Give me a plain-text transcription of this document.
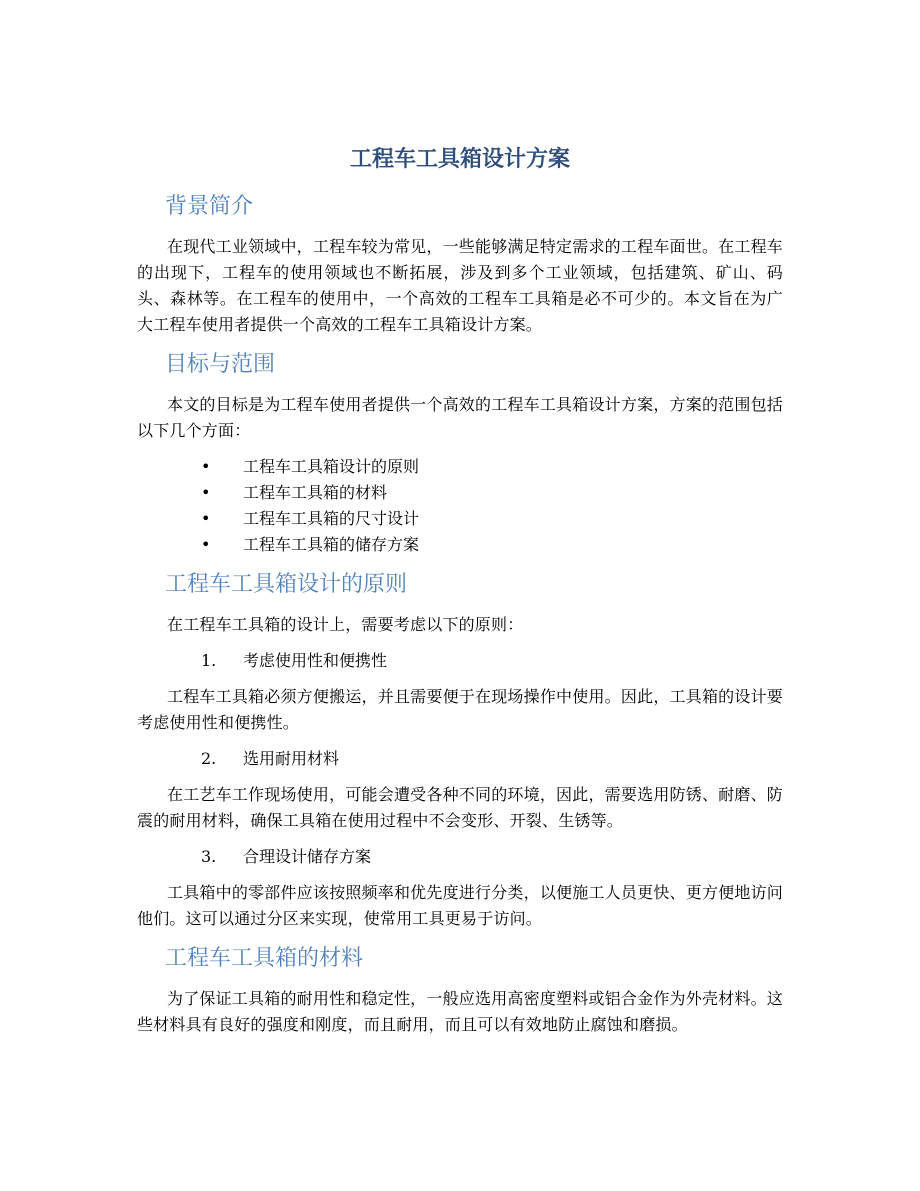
工程车工具箱设计方案
背景简介

在现代工业领域中，工程车较为常见，一些能够满足特定需求的工程车面世。在工程车的出现下，工程车的使用领域也不断拓展，涉及到多个工业领域，包括建筑、矿山、码头、森林等。在工程车的使用中，一个高效的工程车工具箱是必不可少的。本文旨在为广大工程车使用者提供一个高效的工程车工具箱设计方案。

目标与范围

本文的目标是为工程车使用者提供一个高效的工程车工具箱设计方案，方案的范围包括以下几个方面：

• 工程车工具箱设计的原则
• 工程车工具箱的材料
• 工程车工具箱的尺寸设计
• 工程车工具箱的储存方案
工程车工具箱设计的原则

在工程车工具箱的设计上，需要考虑以下的原则：

1. 考虑使用性和便携性

工程车工具箱必须方便搬运，并且需要便于在现场操作中使用。因此，工具箱的设计要考虑使用性和便携性。

2. 选用耐用材料

在工艺车工作现场使用，可能会遭受各种不同的环境，因此，需要选用防锈、耐磨、防震的耐用材料，确保工具箱在使用过程中不会变形、开裂、生锈等。

3. 合理设计储存方案

工具箱中的零部件应该按照频率和优先度进行分类，以便施工人员更快、更方便地访问他们。这可以通过分区来实现，使常用工具更易于访问。

工程车工具箱的材料

为了保证工具箱的耐用性和稳定性，一般应选用高密度塑料或铝合金作为外壳材料。这些材料具有良好的强度和刚度，而且耐用，而且可以有效地防止腐蚀和磨损。
